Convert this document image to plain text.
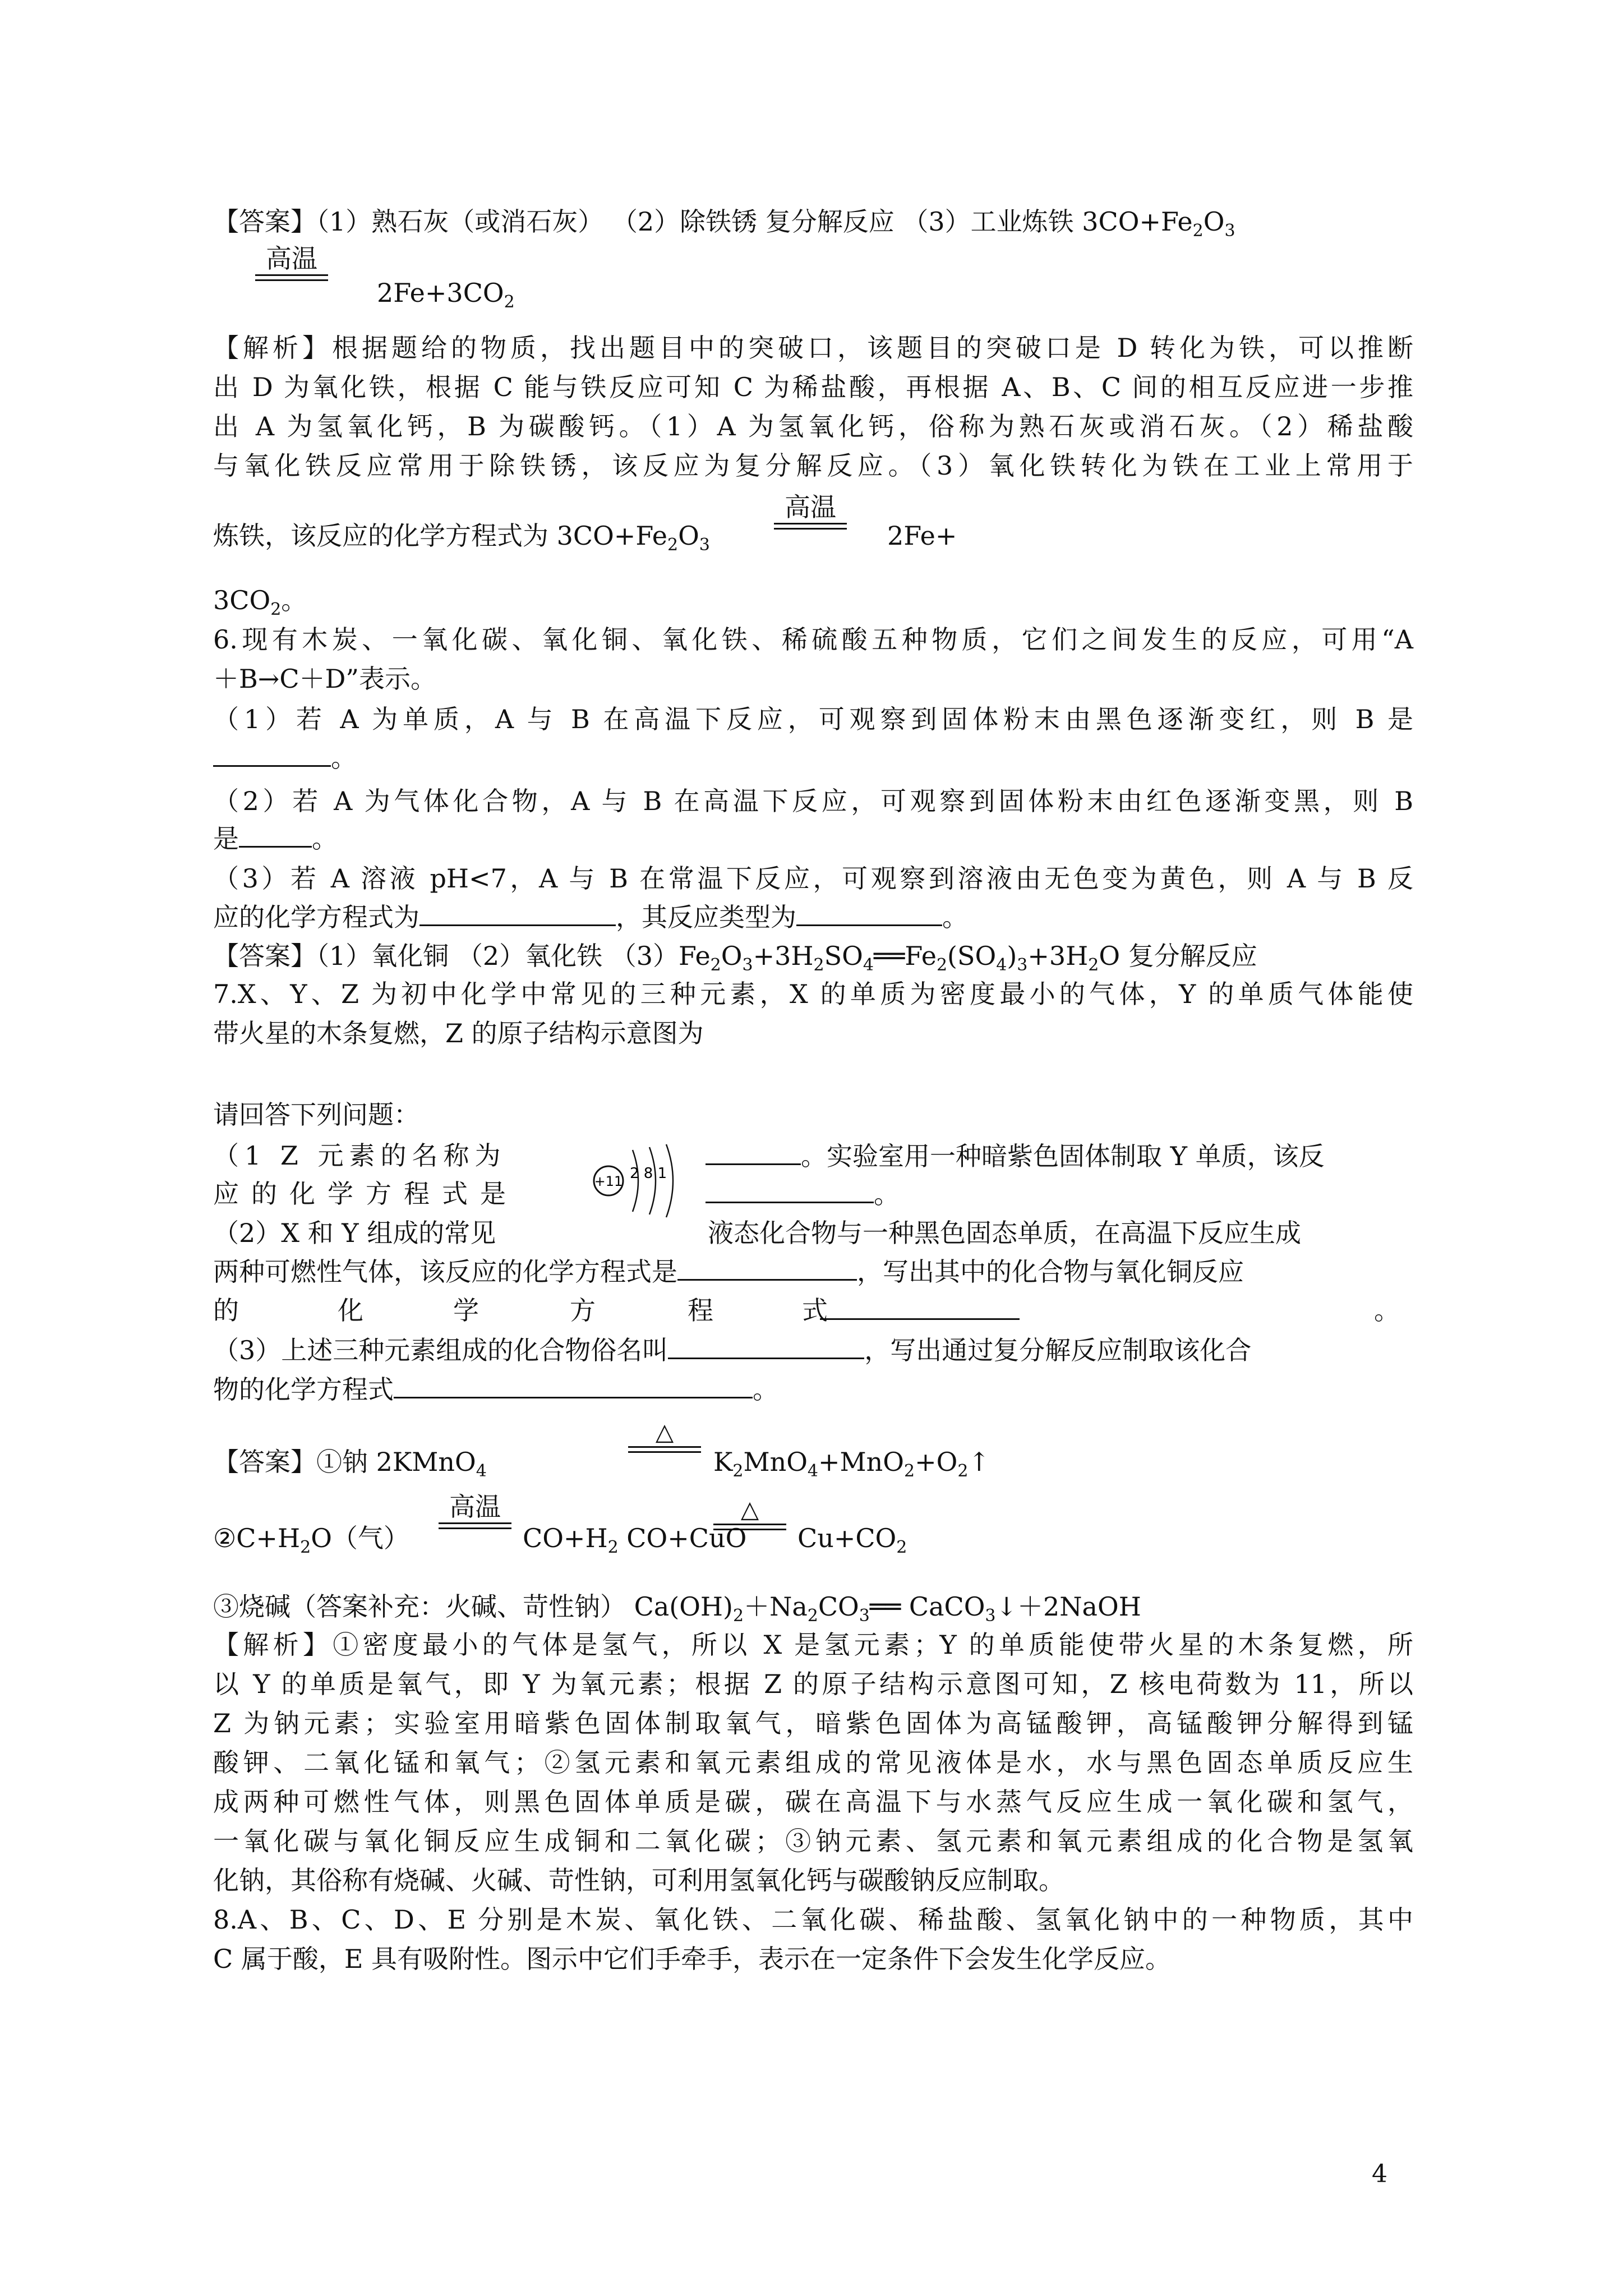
【答案】（1）熟石灰（或消石灰） （2）除铁锈 复分解反应 （3）工业炼铁 $3CO+Fe_2O_3$
高温
$2Fe+3CO_2$
【解析】根据题给的物质，找出题目中的突破口，该题目的突破口是 D 转化为铁，可以推断
出 D 为氧化铁，根据 C 能与铁反应可知 C 为稀盐酸，再根据 A、B、C 间的相互反应进一步推
出 A 为氢氧化钙，B 为碳酸钙。（1）A 为氢氧化钙，俗称为熟石灰或消石灰。（2）稀盐酸
与氧化铁反应常用于除铁锈，该反应为复分解反应。（3）氧化铁转化为铁在工业上常用于
炼铁，该反应的化学方程式为 $3CO+Fe_2O_3$
高温
2Fe+
$3CO_2$。
6.现有木炭、一氧化碳、氧化铜、氧化铁、稀硫酸五种物质，它们之间发生的反应，可用“A
＋B→C＋D”表示。
（1）若 A 为单质，A 与 B 在高温下反应，可观察到固体粉末由黑色逐渐变红，则 B 是
。
（2）若 A 为气体化合物，A 与 B 在高温下反应，可观察到固体粉末由红色逐渐变黑，则 B
是	。
（3）若 A 溶液 pH<7，A 与 B 在常温下反应，可观察到溶液由无色变为黄色，则 A 与 B 反
应的化学方程式为	，其反应类型为	。
【答案】（1）氧化铜 （2）氧化铁 $(3)Fe_2O_3+3H_2SO_4══Fe_2(SO_4)_3+3H_2O$ 复分解反应
7.X、Y、Z 为初中化学中常见的三种元素，X 的单质为密度最小的气体，Y 的单质气体能使
带火星的木条复燃，Z 的原子结构示意图为
请回答下列问题：
（1 Z 元素的名称为	。实验室用一种暗紫色固体制取 Y 单质，该反
应的化学方程式是	。
+11 2 8 1
（2）X 和 Y 组成的常见	液态化合物与一种黑色固态单质，在高温下反应生成
两种可燃性气体，该反应的化学方程式是	，写出其中的化合物与氧化铜反应
的	化	学	方	程	式	。
（3）上述三种元素组成的化合物俗名叫	，写出通过复分解反应制取该化合
物的化学方程式	。
【答案】①钠 2KMnO$_4$
△
$K_2MnO_4+MnO_2+O_2↑$
$②C+H_2O$（气）
高温
$CO+H_2$ CO+CuO
△
$Cu+CO_2$
③烧碱（答案补充：火碱、苛性钠） $Ca(OH)_2+Na_2CO_3══$ CaCO$_3$↓＋2NaOH
【解析】①密度最小的气体是氢气，所以 X 是氢元素；Y 的单质能使带火星的木条复燃，所
以 Y 的单质是氧气，即 Y 为氧元素；根据 Z 的原子结构示意图可知，Z 核电荷数为 11，所以
Z 为钠元素；实验室用暗紫色固体制取氧气，暗紫色固体为高锰酸钾，高锰酸钾分解得到锰
酸钾、二氧化锰和氧气；②氢元素和氧元素组成的常见液体是水，水与黑色固态单质反应生
成两种可燃性气体，则黑色固体单质是碳，碳在高温下与水蒸气反应生成一氧化碳和氢气，
一氧化碳与氧化铜反应生成铜和二氧化碳；③钠元素、氢元素和氧元素组成的化合物是氢氧
化钠，其俗称有烧碱、火碱、苛性钠，可利用氢氧化钙与碳酸钠反应制取。
8.A、B、C、D、E 分别是木炭、氧化铁、二氧化碳、稀盐酸、氢氧化钠中的一种物质，其中
C 属于酸，E 具有吸附性。图示中它们手牵手，表示在一定条件下会发生化学反应。
4
